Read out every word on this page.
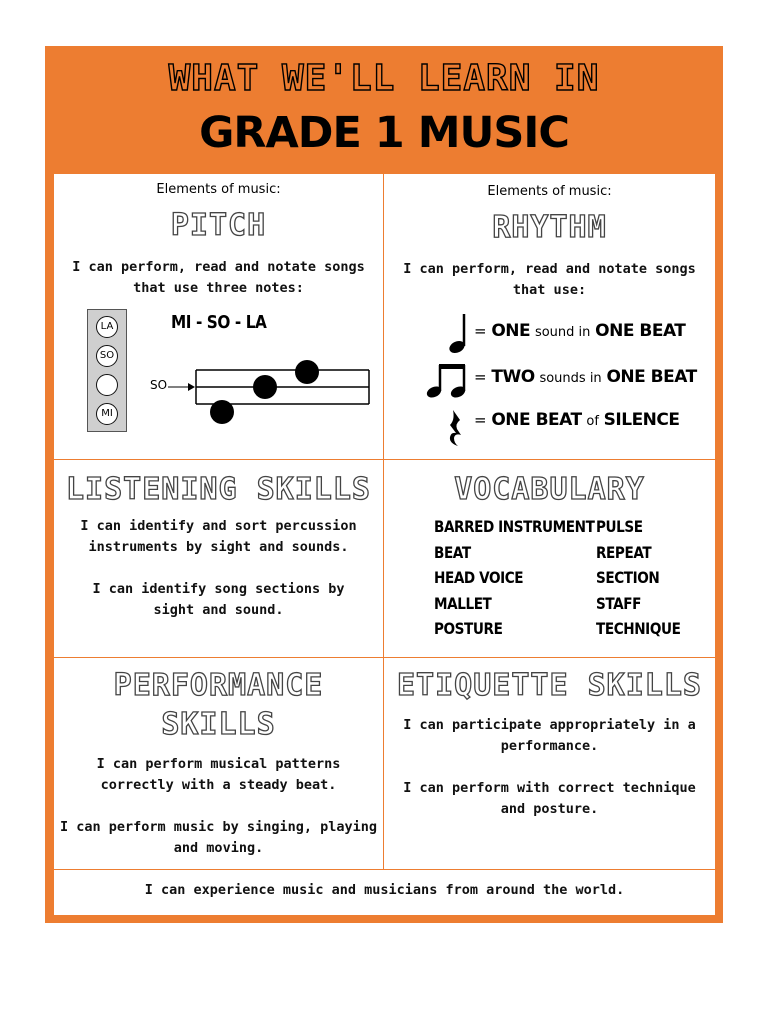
WHAT WE'LL LEARN IN
GRADE 1 MUSIC
Elements of music:
PITCH

I can perform, read and notate songs

that use three notes:

MI - SO - LA
LA
SO
MI
SO
Elements of music:
RHYTHM

I can perform, read and notate songs

that use:

= ONE sound in ONE BEAT
= TWO sounds in ONE BEAT
= ONE BEAT of SILENCE
LISTENING SKILLS

I can identify and sort percussion

instruments by sight and sounds.

I can identify song sections by

sight and sound.

VOCABULARY
BARRED INSTRUMENT
BEAT
HEAD VOICE
MALLET
POSTURE
PULSE
REPEAT
SECTION
STAFF
TECHNIQUE
PERFORMANCE
SKILLS

I can perform musical patterns

correctly with a steady beat.

I can perform music by singing, playing

and moving.

ETIQUETTE SKILLS

I can participate appropriately in a

performance.

I can perform with correct technique

and posture.

I can experience music and musicians from around the world.
